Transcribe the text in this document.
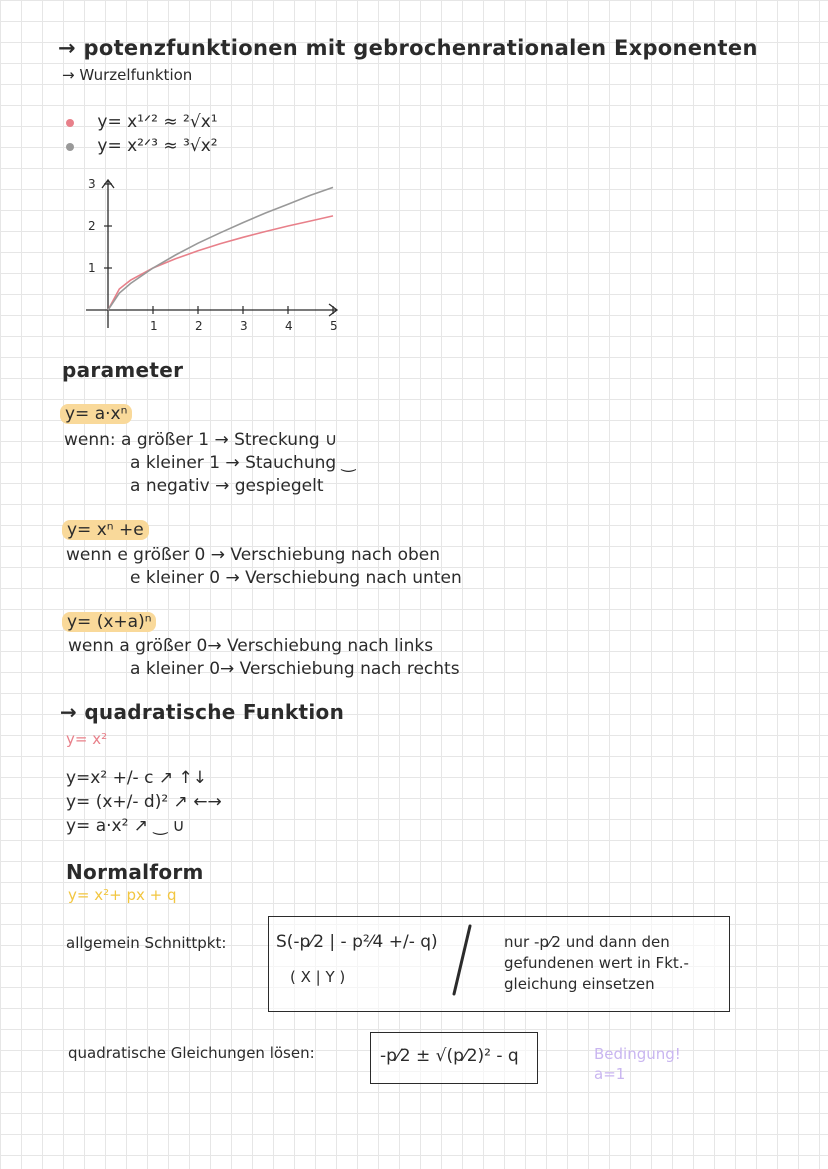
→ potenzfunktionen mit gebrochenrationalen Exponenten
→ Wurzelfunktion
y= x¹ᐟ² ≈ ²√x¹
y= x²ᐟ³ ≈ ³√x²
1	2	3	4	5
1
2
3
parameter
y= a·xⁿ
wenn: a größer 1 → Streckung ∪
a kleiner 1 → Stauchung ‿
a negativ → gespiegelt
y= xⁿ +e
wenn e größer 0 → Verschiebung nach oben
e kleiner 0 → Verschiebung nach unten
y= (x+a)ⁿ
wenn a größer 0→ Verschiebung nach links
a kleiner 0→ Verschiebung nach rechts
→ quadratische Funktion
y= x²
y=x² +/- c ↗ ↑↓
y= (x+/- d)² ↗ ←→
y= a·x² ↗ ‿ ∪
Normalform
y= x²+ px + q
allgemein Schnittpkt:	S(-p⁄2 | - p²⁄4 +/- q)
( X | Y )
nur -p⁄2 und dann den
gefundenen wert in Fkt.-
gleichung einsetzen
quadratische Gleichungen lösen:	-p⁄2 ± √(p⁄2)² - q	Bedingung!
a=1
